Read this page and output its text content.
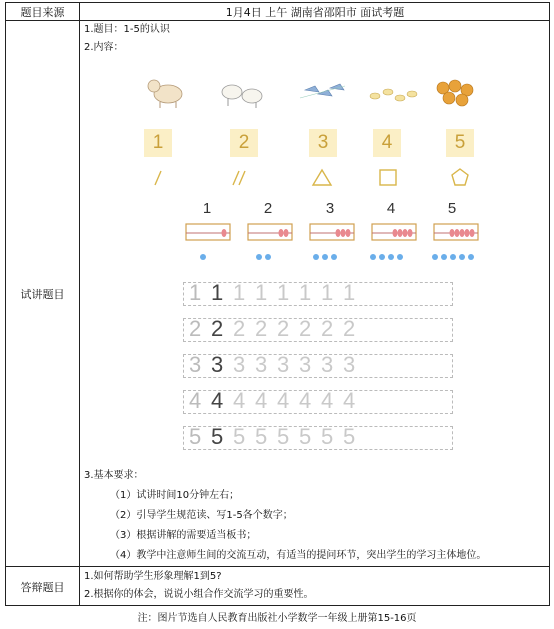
题目来源	1月4日 上午 湖南省邵阳市 面试考题
试讲题目
1.题目：1-5的认识
2.内容：
3.基本要求：
（1）试讲时间10分钟左右；
（2）引导学生规范读、写1-5各个数字；
（3）根据讲解的需要适当板书；
（4）教学中注意师生间的交流互动，有适当的提问环节，突出学生的学习主体地位。
答辩题目
1.如何帮助学生形象理解1到5?
2.根据你的体会，说说小组合作交流学习的重要性。
1	2	3	4	5
1	2	3	4	5
1 1 1 1 1 1 1 1
2 2 2 2 2 2 2 2
3 3 3 3 3 3 3 3
4 4 4 4 4 4 4 4
5 5 5 5 5 5 5 5
注：图片节选自人民教育出版社小学数学一年级上册第15-16页
